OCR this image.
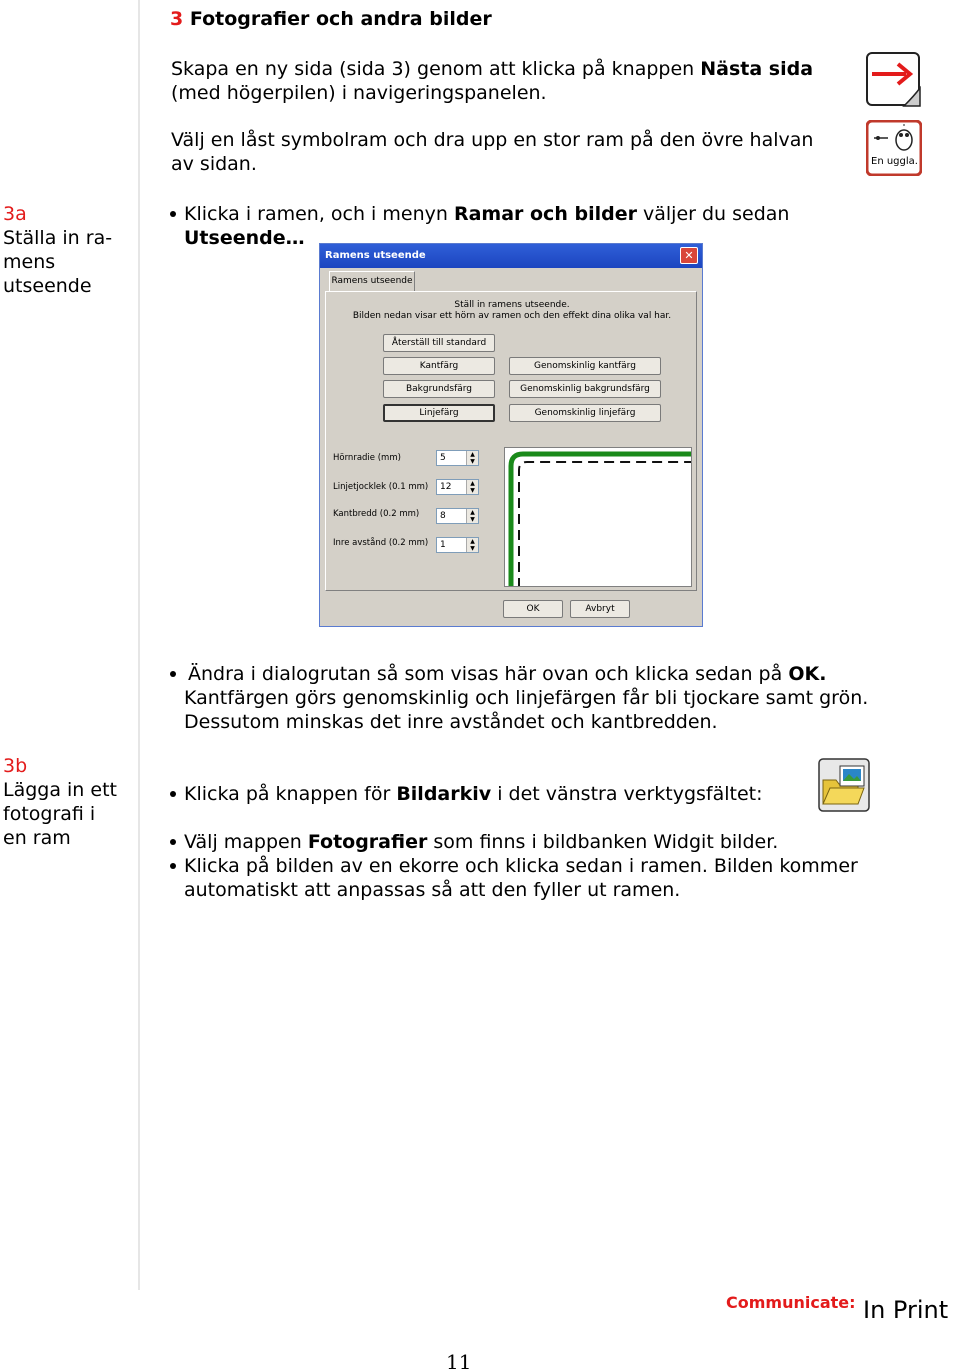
3 Fotografier och andra bilder
Skapa en ny sida (sida 3) genom att klicka på knappen Nästa sida
(med högerpilen) i navigeringspanelen.
Välj en låst symbolram och dra upp en stor ram på den övre halvan
av sidan.	En uggla.
3a
Ställa in ra-
mens
utseende
Klicka i ramen, och i menyn Ramar och bilder väljer du sedan
Utseende…
Ramens utseende	✕
Ramens utseende
Ställ in ramens utseende.
Bilden nedan visar ett hörn av ramen och den effekt dina olika val har.
Återställ till standard
Kantfärg	Genomskinlig kantfärg
Bakgrundsfärg	Genomskinlig bakgrundsfärg
Linjefärg	Genomskinlig linjefärg
Hörnradie (mm)	5	▲
▼
Linjetjocklek (0.1 mm)	12	▲
▼
Kantbredd (0.2 mm)	8	▲
▼
Inre avstånd (0.2 mm)	1	▲
▼
OK	Avbryt
Ändra i dialogrutan så som visas här ovan och klicka sedan på OK.
Kantfärgen görs genomskinlig och linjefärgen får bli tjockare samt grön.
Dessutom minskas det inre avståndet och kantbredden.
3b
Lägga in ett
fotografi i
en ram
Klicka på knappen för Bildarkiv i det vänstra verktygsfältet:
Välj mappen Fotografier som finns i bildbanken Widgit bilder.
Klicka på bilden av en ekorre och klicka sedan i ramen. Bilden kommer
automatiskt att anpassas så att den fyller ut ramen.
Communicate: In Print
11
